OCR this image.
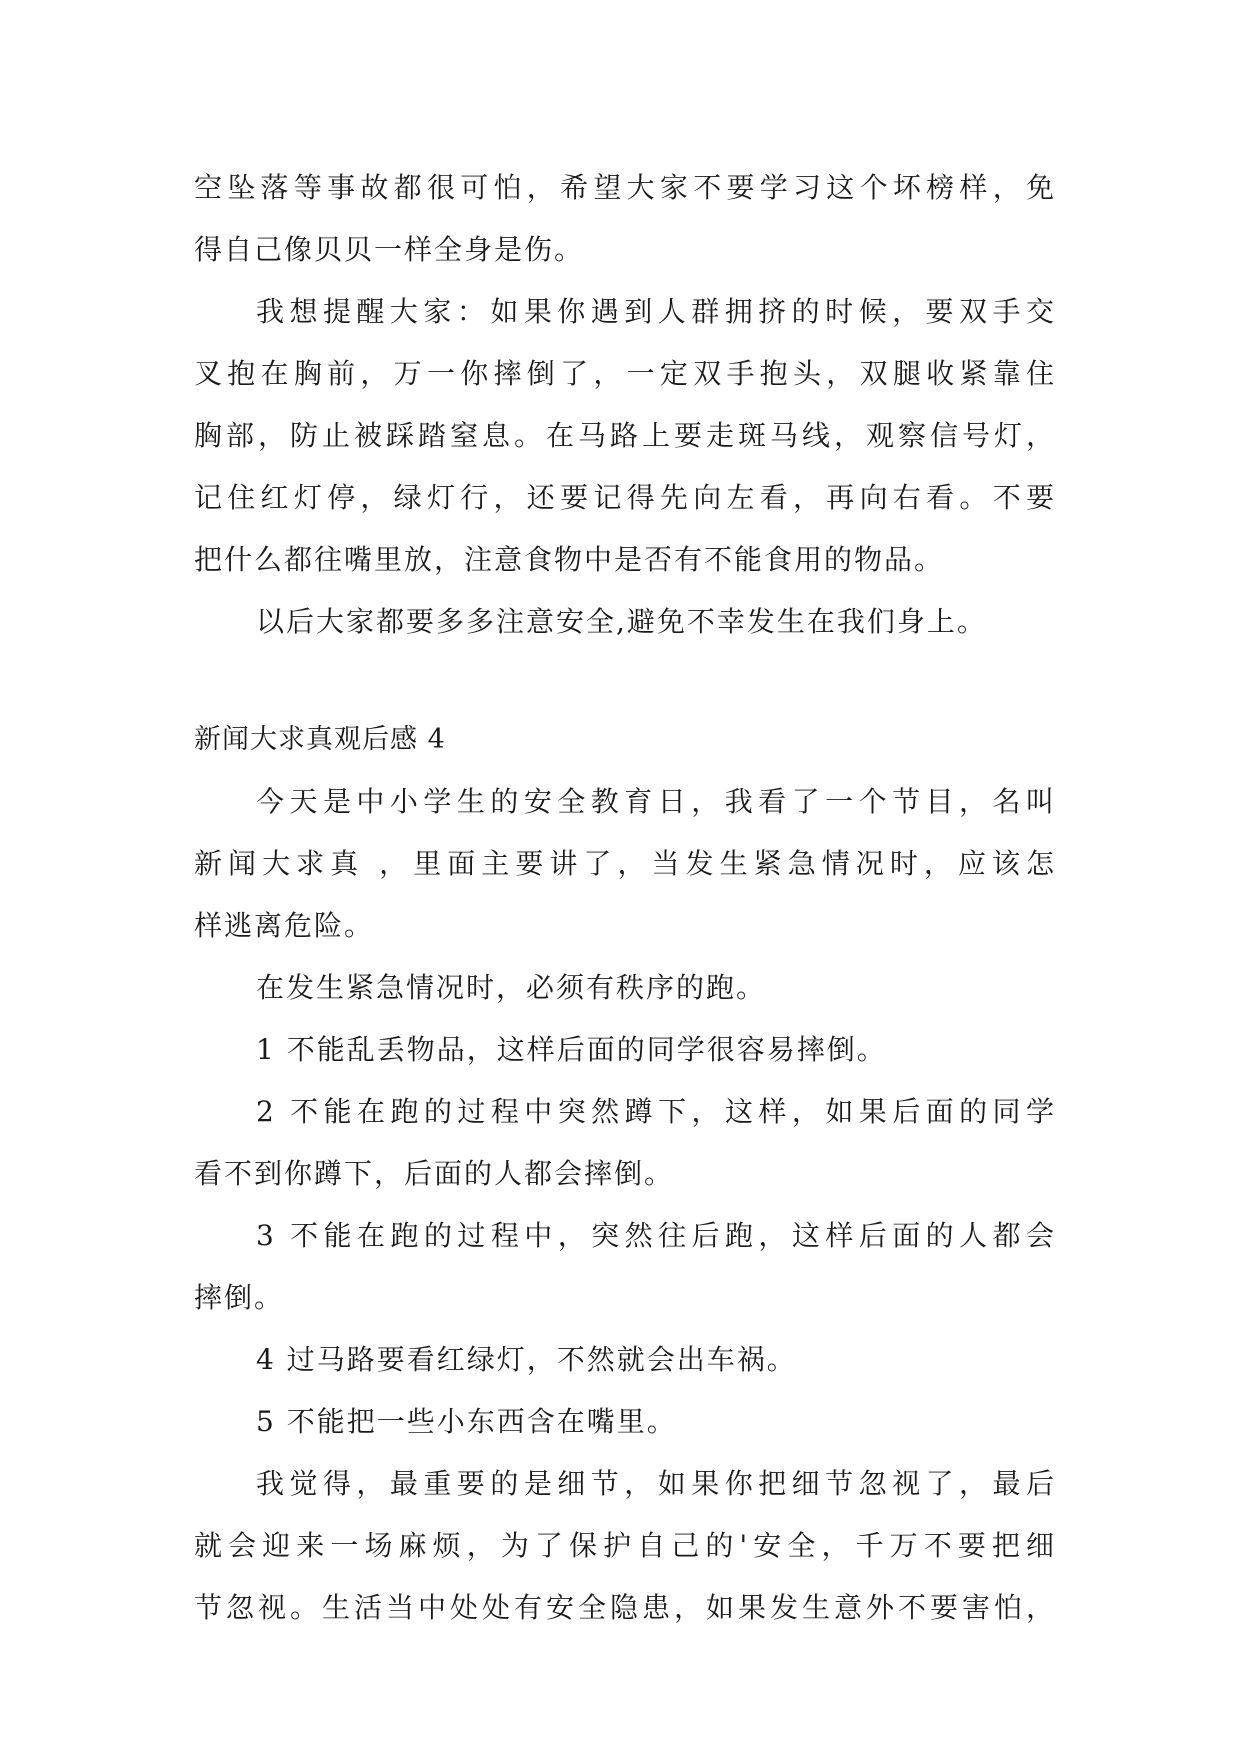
空坠落等事故都很可怕，希望大家不要学习这个坏榜样，免
得自己像贝贝一样全身是伤。
我想提醒大家：如果你遇到人群拥挤的时候，要双手交
叉抱在胸前，万一你摔倒了，一定双手抱头，双腿收紧靠住
胸部，防止被踩踏窒息。在马路上要走斑马线，观察信号灯，
记住红灯停，绿灯行，还要记得先向左看，再向右看。不要
把什么都往嘴里放，注意食物中是否有不能食用的物品。
以后大家都要多多注意安全,避免不幸发生在我们身上。
新闻大求真观后感 4
今天是中小学生的安全教育日，我看了一个节目，名叫
新闻大求真 ，里面主要讲了，当发生紧急情况时，应该怎
样逃离危险。
在发生紧急情况时，必须有秩序的跑。
1 不能乱丢物品，这样后面的同学很容易摔倒。
2 不能在跑的过程中突然蹲下，这样，如果后面的同学
看不到你蹲下，后面的人都会摔倒。
3 不能在跑的过程中，突然往后跑，这样后面的人都会
摔倒。
4 过马路要看红绿灯，不然就会出车祸。
5 不能把一些小东西含在嘴里。
我觉得，最重要的是细节，如果你把细节忽视了，最后
就会迎来一场麻烦，为了保护自己的'安全，千万不要把细
节忽视。生活当中处处有安全隐患，如果发生意外不要害怕，
